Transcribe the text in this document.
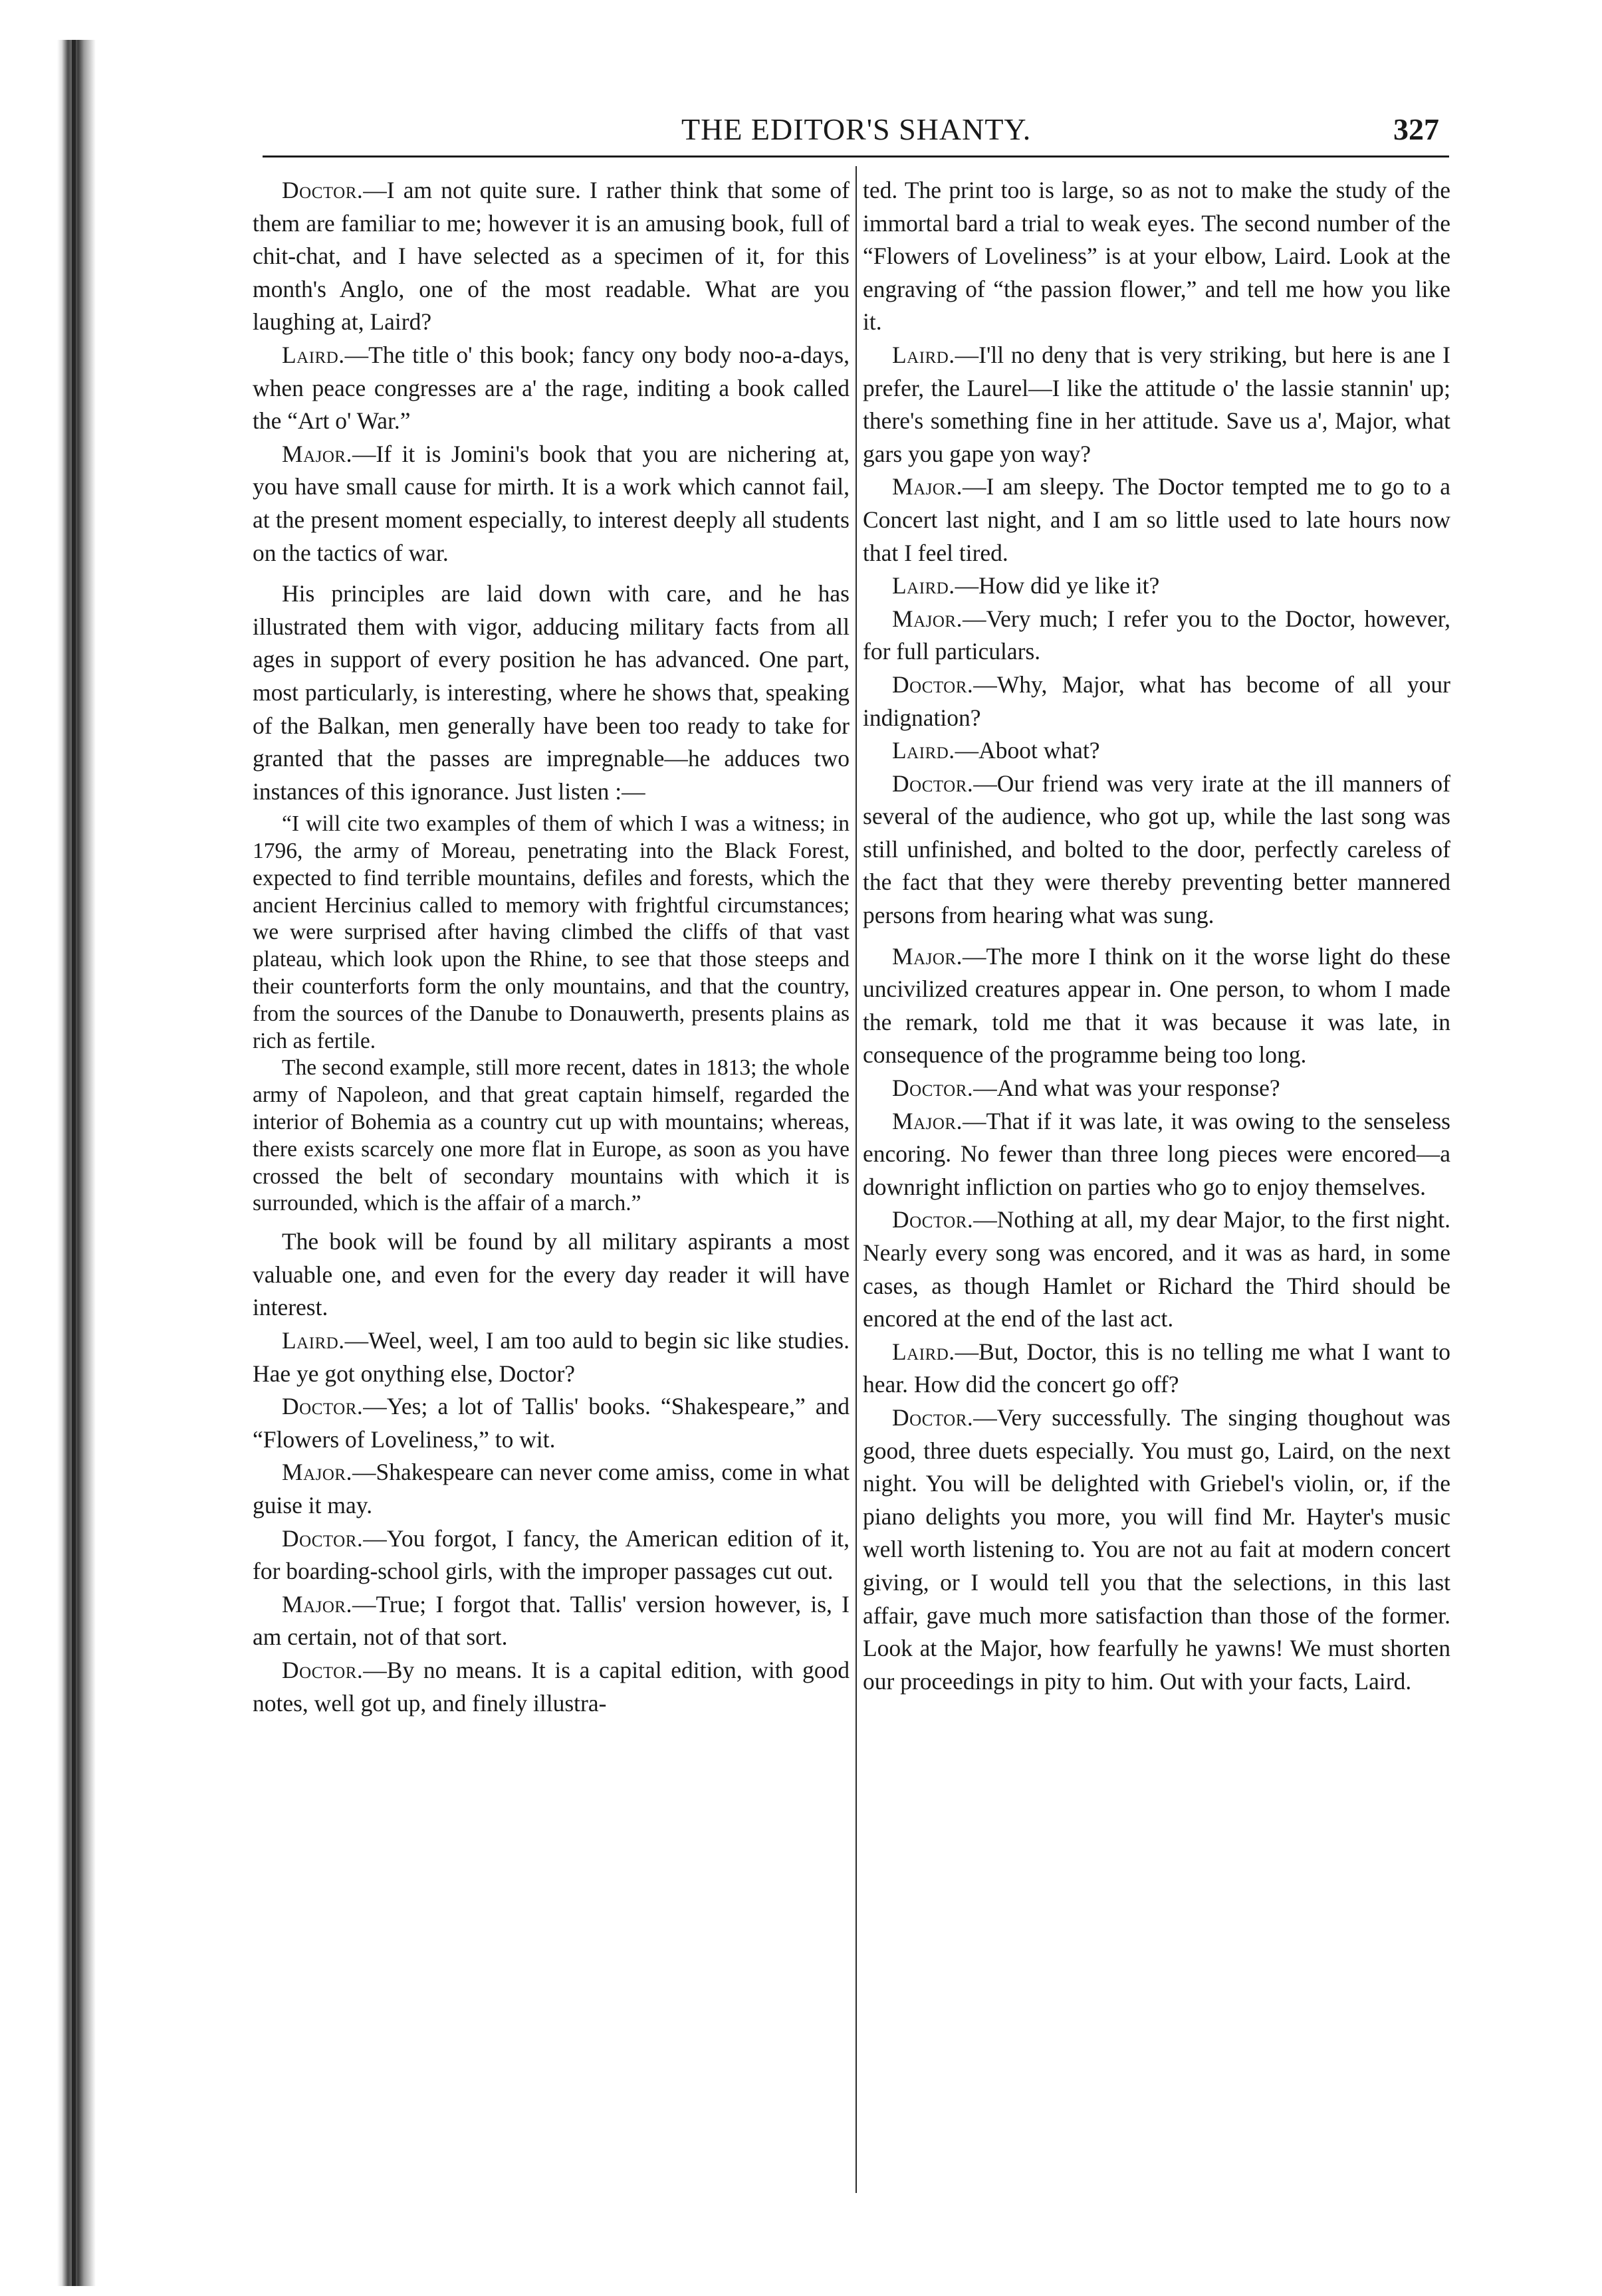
THE EDITOR'S SHANTY.	327

Doctor.—I am not quite sure. I rather think that some of them are familiar to me; however it is an amusing book, full of chit-chat, and I have selected as a specimen of it, for this month's Anglo, one of the most readable. What are you laughing at, Laird?

Laird.—The title o' this book; fancy ony body noo-a-days, when peace congresses are a' the rage, inditing a book called the “Art o' War.”

Major.—If it is Jomini's book that you are nichering at, you have small cause for mirth. It is a work which cannot fail, at the present moment especially, to interest deeply all students on the tactics of war.

His principles are laid down with care, and he has illustrated them with vigor, adducing military facts from all ages in support of every position he has advanced. One part, most particularly, is interesting, where he shows that, speaking of the Balkan, men generally have been too ready to take for granted that the passes are impregnable—he adduces two instances of this ignorance. Just listen :—

“I will cite two examples of them of which I was a witness; in 1796, the army of Moreau, penetrating into the Black Forest, expected to find terrible mountains, defiles and forests, which the ancient Hercinius called to memory with frightful circumstances; we were surprised after having climbed the cliffs of that vast plateau, which look upon the Rhine, to see that those steeps and their counterforts form the only mountains, and that the country, from the sources of the Danube to Donauwerth, presents plains as rich as fertile.

The second example, still more recent, dates in 1813; the whole army of Napoleon, and that great captain himself, regarded the interior of Bohemia as a country cut up with mountains; whereas, there exists scarcely one more flat in Europe, as soon as you have crossed the belt of secondary mountains with which it is surrounded, which is the affair of a march.”

The book will be found by all military aspirants a most valuable one, and even for the every day reader it will have interest.

Laird.—Weel, weel, I am too auld to begin sic like studies. Hae ye got onything else, Doctor?

Doctor.—Yes; a lot of Tallis' books. “Shakespeare,” and “Flowers of Loveliness,” to wit.

Major.—Shakespeare can never come amiss, come in what guise it may.

Doctor.—You forgot, I fancy, the American edition of it, for boarding-school girls, with the improper passages cut out.

Major.—True; I forgot that. Tallis' version however, is, I am certain, not of that sort.

Doctor.—By no means. It is a capital edition, with good notes, well got up, and finely illustra-

ted. The print too is large, so as not to make the study of the immortal bard a trial to weak eyes. The second number of the “Flowers of Loveliness” is at your elbow, Laird. Look at the engraving of “the passion flower,” and tell me how you like it.

Laird.—I'll no deny that is very striking, but here is ane I prefer, the Laurel—I like the attitude o' the lassie stannin' up; there's something fine in her attitude. Save us a', Major, what gars you gape yon way?

Major.—I am sleepy. The Doctor tempted me to go to a Concert last night, and I am so little used to late hours now that I feel tired.

Laird.—How did ye like it?

Major.—Very much; I refer you to the Doctor, however, for full particulars.

Doctor.—Why, Major, what has become of all your indignation?

Laird.—Aboot what?

Doctor.—Our friend was very irate at the ill manners of several of the audience, who got up, while the last song was still unfinished, and bolted to the door, perfectly careless of the fact that they were thereby preventing better mannered persons from hearing what was sung.

Major.—The more I think on it the worse light do these uncivilized creatures appear in. One person, to whom I made the remark, told me that it was because it was late, in consequence of the programme being too long.

Doctor.—And what was your response?

Major.—That if it was late, it was owing to the senseless encoring. No fewer than three long pieces were encored—a downright infliction on parties who go to enjoy themselves.

Doctor.—Nothing at all, my dear Major, to the first night. Nearly every song was encored, and it was as hard, in some cases, as though Hamlet or Richard the Third should be encored at the end of the last act.

Laird.—But, Doctor, this is no telling me what I want to hear. How did the concert go off?

Doctor.—Very successfully. The singing thoughout was good, three duets especially. You must go, Laird, on the next night. You will be delighted with Griebel's violin, or, if the piano delights you more, you will find Mr. Hayter's music well worth listening to. You are not au fait at modern concert giving, or I would tell you that the selections, in this last affair, gave much more satisfaction than those of the former. Look at the Major, how fearfully he yawns! We must shorten our proceedings in pity to him. Out with your facts, Laird.
